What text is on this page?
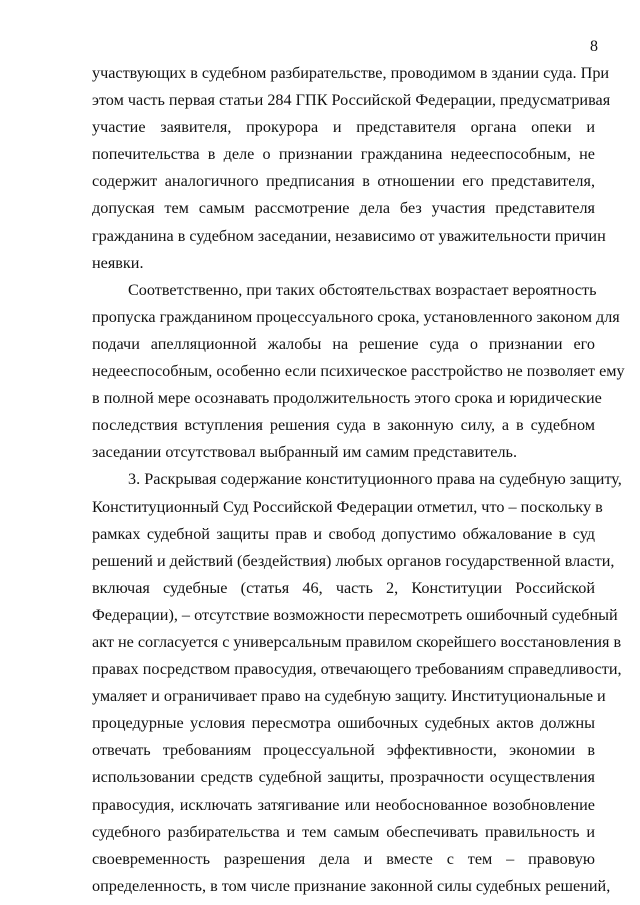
8
участвующих в судебном разбирательстве, проводимом в здании суда. При
этом часть первая статьи 284 ГПК Российской Федерации, предусматривая
участие заявителя, прокурора и представителя органа опеки и
попечительства в деле о признании гражданина недееспособным, не
содержит аналогичного предписания в отношении его представителя,
допуская тем самым рассмотрение дела без участия представителя
гражданина в судебном заседании, независимо от уважительности причин
неявки.
Соответственно, при таких обстоятельствах возрастает вероятность
пропуска гражданином процессуального срока, установленного законом для
подачи апелляционной жалобы на решение суда о признании его
недееспособным, особенно если психическое расстройство не позволяет ему
в полной мере осознавать продолжительность этого срока и юридические
последствия вступления решения суда в законную силу, а в судебном
заседании отсутствовал выбранный им самим представитель.
3. Раскрывая содержание конституционного права на судебную защиту,
Конституционный Суд Российской Федерации отметил, что – поскольку в
рамках судебной защиты прав и свобод допустимо обжалование в суд
решений и действий (бездействия) любых органов государственной власти,
включая судебные (статья 46, часть 2, Конституции Российской
Федерации), – отсутствие возможности пересмотреть ошибочный судебный
акт не согласуется с универсальным правилом скорейшего восстановления в
правах посредством правосудия, отвечающего требованиям справедливости,
умаляет и ограничивает право на судебную защиту. Институциональные и
процедурные условия пересмотра ошибочных судебных актов должны
отвечать требованиям процессуальной эффективности, экономии в
использовании средств судебной защиты, прозрачности осуществления
правосудия, исключать затягивание или необоснованное возобновление
судебного разбирательства и тем самым обеспечивать правильность и
своевременность разрешения дела и вместе с тем – правовую
определенность, в том числе признание законной силы судебных решений,
